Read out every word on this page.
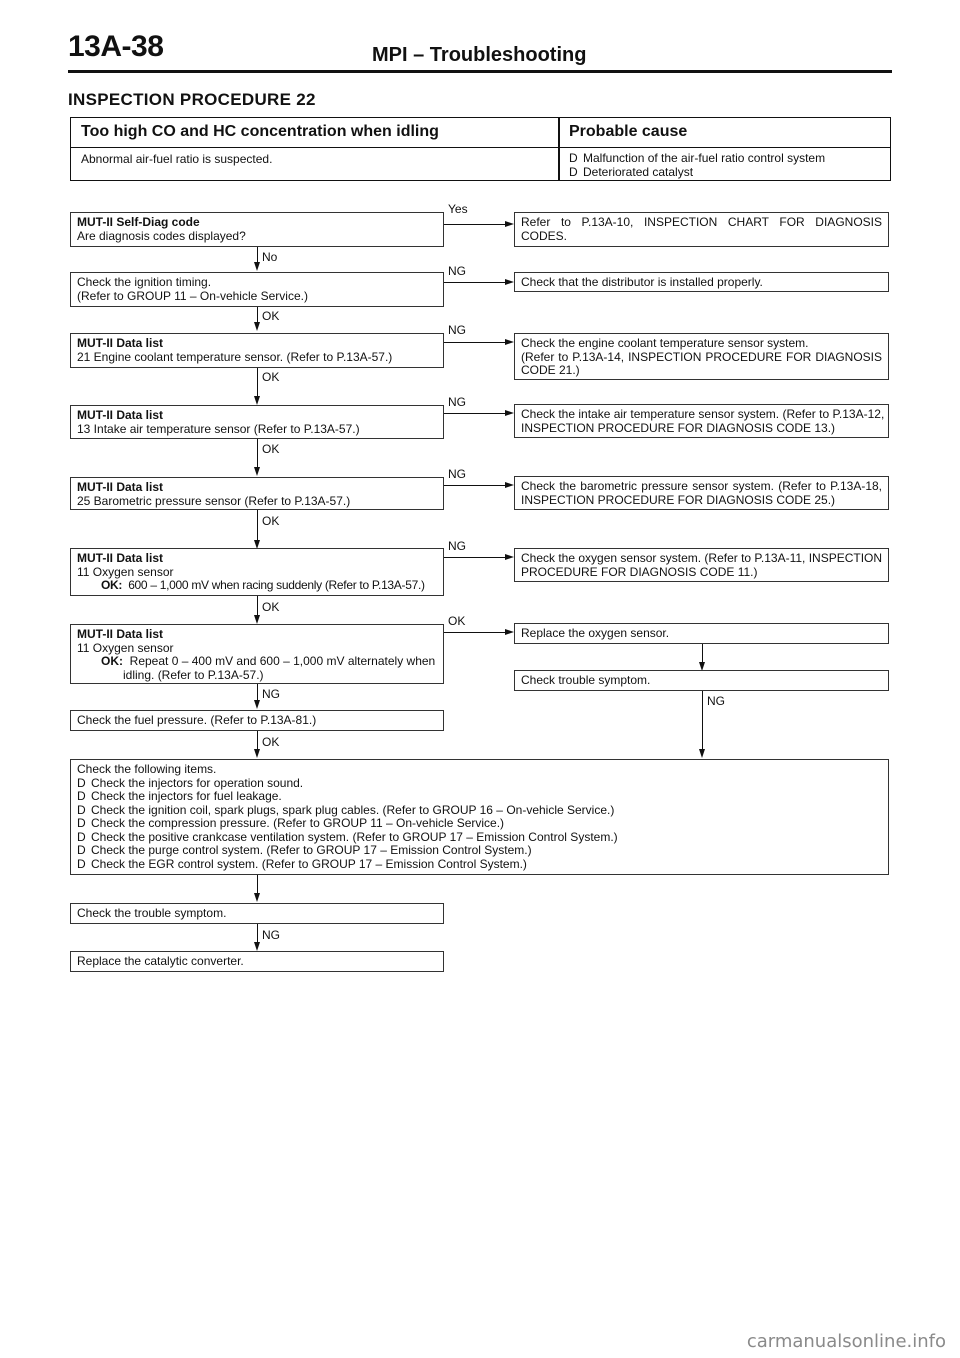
13A-38	MPI – Troubleshooting
INSPECTION PROCEDURE 22
Too high CO and HC concentration when idling	Probable cause
Abnormal air-fuel ratio is suspected.	D Malfunction of the air-fuel ratio control system
D Deteriorated catalyst
MUT-II Self-Diag code
Are diagnosis codes displayed?
Yes
Refer to P.13A-10, INSPECTION CHART FOR DIAGNOSIS
CODES.
No
Check the ignition timing.
(Refer to GROUP 11 – On-vehicle Service.)
NG
Check that the distributor is installed properly.
OK
MUT-II Data list
21 Engine coolant temperature sensor. (Refer to P.13A-57.)
NG
Check the engine coolant temperature sensor system.
(Refer to P.13A-14, INSPECTION PROCEDURE FOR DIAGNOSIS
CODE 21.)
OK
MUT-II Data list
13 Intake air temperature sensor (Refer to P.13A-57.)
NG
Check the intake air temperature sensor system. (Refer to P.13A-12,
INSPECTION PROCEDURE FOR DIAGNOSIS CODE 13.)
OK
MUT-II Data list
25 Barometric pressure sensor (Refer to P.13A-57.)
NG
Check the barometric pressure sensor system. (Refer to P.13A-18,
INSPECTION PROCEDURE FOR DIAGNOSIS CODE 25.)
OK
MUT-II Data list
11 Oxygen sensor
OK: 600 – 1,000 mV when racing suddenly (Refer to P.13A-57.)
NG
Check the oxygen sensor system. (Refer to P.13A-11, INSPECTION
PROCEDURE FOR DIAGNOSIS CODE 11.)
OK
MUT-II Data list
11 Oxygen sensor
OK: Repeat 0 – 400 mV and 600 – 1,000 mV alternately when
idling. (Refer to P.13A-57.)
OK
Replace the oxygen sensor.
Check trouble symptom.
NG
NG
Check the fuel pressure. (Refer to P.13A-81.)
OK
Check the following items.
D Check the injectors for operation sound.
D Check the injectors for fuel leakage.
D Check the ignition coil, spark plugs, spark plug cables. (Refer to GROUP 16 – On-vehicle Service.)
D Check the compression pressure. (Refer to GROUP 11 – On-vehicle Service.)
D Check the positive crankcase ventilation system. (Refer to GROUP 17 – Emission Control System.)
D Check the purge control system. (Refer to GROUP 17 – Emission Control System.)
D Check the EGR control system. (Refer to GROUP 17 – Emission Control System.)
Check the trouble symptom.
NG
Replace the catalytic converter.
carmanualsonline.info
